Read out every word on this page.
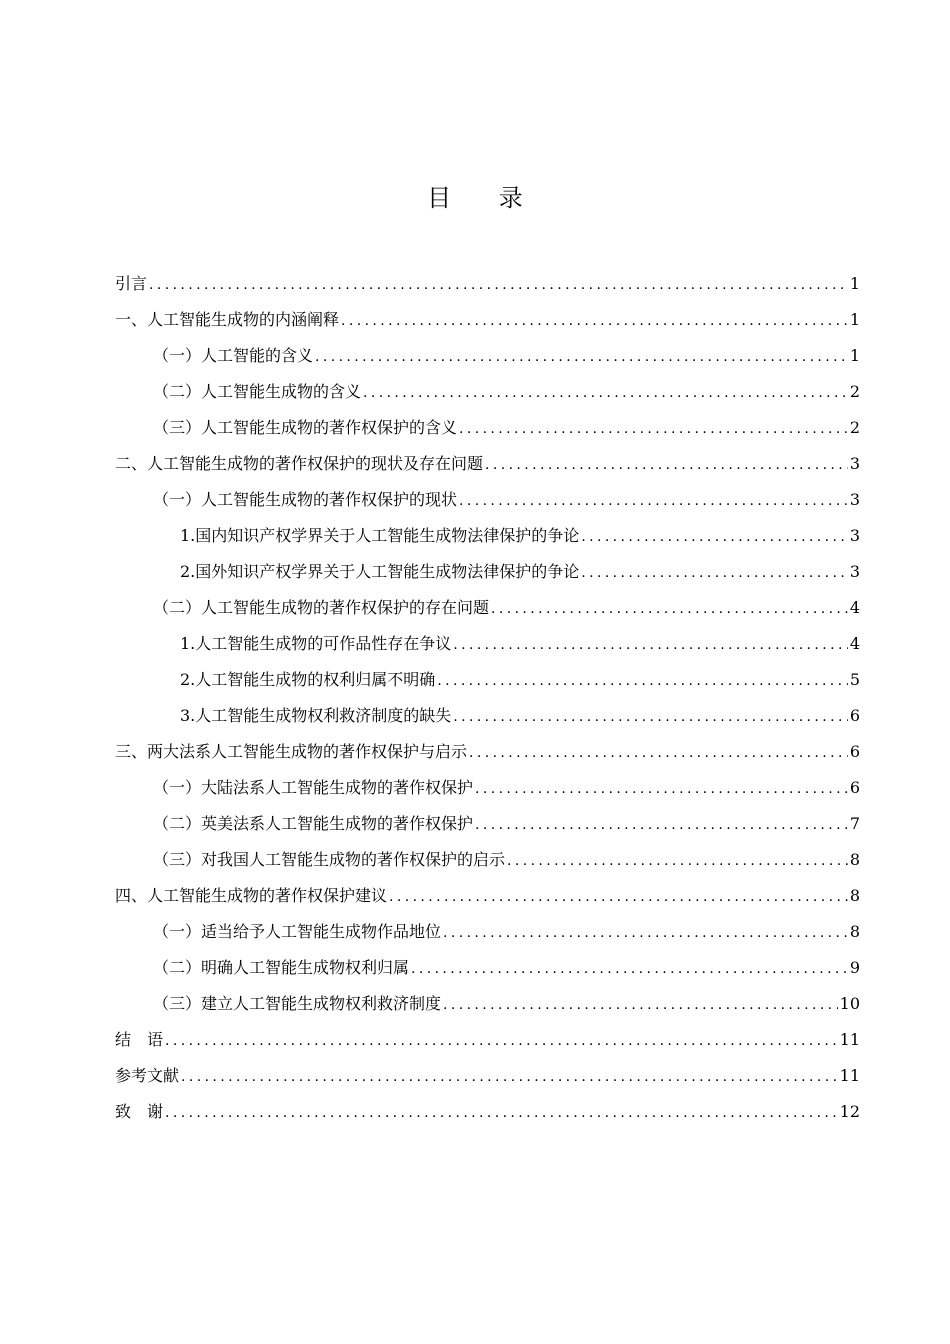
目 录
引言 .....	1
一、人工智能生成物的内涵阐释 .....	1
（一）人工智能的含义 .....	1
（二）人工智能生成物的含义 .....	2
（三）人工智能生成物的著作权保护的含义 .....	2
二、人工智能生成物的著作权保护的现状及存在问题 .....	3
（一）人工智能生成物的著作权保护的现状 .....	3
1.国内知识产权学界关于人工智能生成物法律保护的争论 .....	3
2.国外知识产权学界关于人工智能生成物法律保护的争论 .....	3
（二）人工智能生成物的著作权保护的存在问题 .....	4
1.人工智能生成物的可作品性存在争议 .....	4
2.人工智能生成物的权利归属不明确 .....	5
3.人工智能生成物权利救济制度的缺失 .....	6
三、两大法系人工智能生成物的著作权保护与启示 .....	6
（一）大陆法系人工智能生成物的著作权保护 .....	6
（二）英美法系人工智能生成物的著作权保护 .....	7
（三）对我国人工智能生成物的著作权保护的启示 .....	8
四、人工智能生成物的著作权保护建议 .....	8
（一）适当给予人工智能生成物作品地位 .....	8
（二）明确人工智能生成物权利归属 .....	9
（三）建立人工智能生成物权利救济制度 .....	10
结　语 .....	11
参考文献 .....	11
致　谢 .....	12
